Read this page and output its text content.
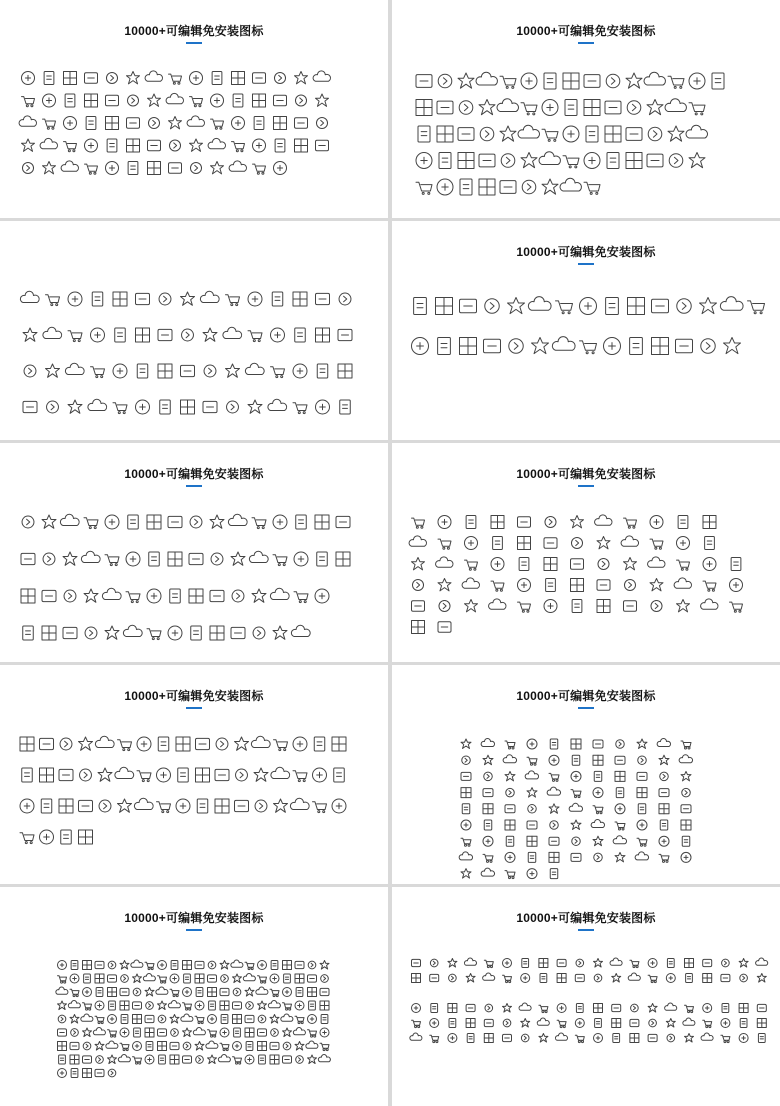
10000+可编辑免安装图标	10000+可编辑免安装图标
10000+可编辑免安装图标
10000+可编辑免安装图标	10000+可编辑免安装图标
10000+可编辑免安装图标	10000+可编辑免安装图标
10000+可编辑免安装图标	10000+可编辑免安装图标
